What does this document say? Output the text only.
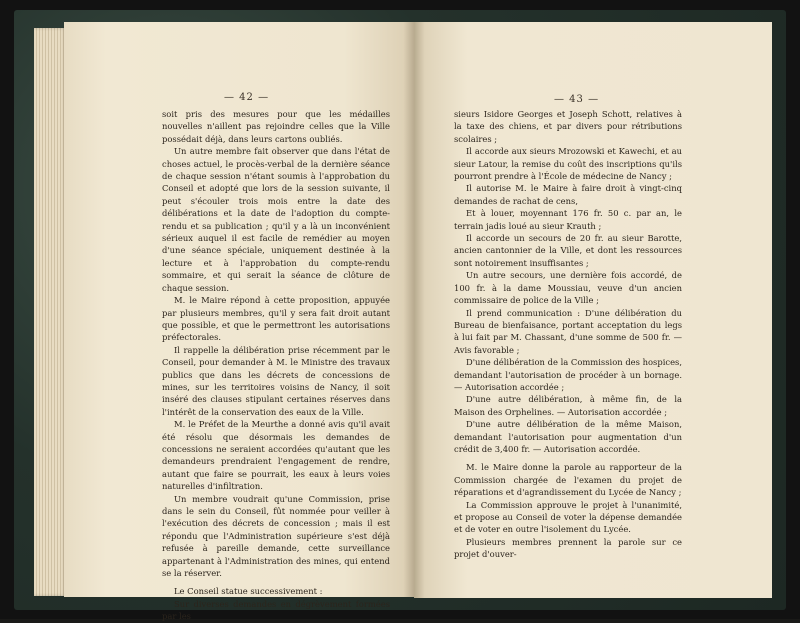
— 42 —

soit pris des mesures pour que les médailles nouvelles n'aillent pas rejoindre celles que la Ville possédait déjà, dans leurs cartons oubliés.

Un autre membre fait observer que dans l'état de choses actuel, le procès-verbal de la dernière séance de chaque session n'étant soumis à l'approbation du Conseil et adopté que lors de la session suivante, il peut s'écouler trois mois entre la date des délibérations et la date de l'adoption du compte-rendu et sa publication ; qu'il y a là un inconvénient sérieux auquel il est facile de remédier au moyen d'une séance spéciale, uniquement destinée à la lecture et à l'approbation du compte-rendu sommaire, et qui serait la séance de clôture de chaque session.

M. le Maire répond à cette proposition, appuyée par plusieurs membres, qu'il y sera fait droit autant que possible, et que le permettront les autorisations préfectorales.

Il rappelle la délibération prise récemment par le Conseil, pour demander à M. le Ministre des travaux publics que dans les décrets de concessions de mines, sur les territoires voisins de Nancy, il soit inséré des clauses stipulant certaines réserves dans l'intérêt de la conservation des eaux de la Ville.

M. le Préfet de la Meurthe a donné avis qu'il avait été résolu que désormais les demandes de concessions ne seraient accordées qu'autant que les demandeurs prendraient l'engagement de rendre, autant que faire se pourrait, les eaux à leurs voies naturelles d'infiltration.

Un membre voudrait qu'une Commission, prise dans le sein du Conseil, fût nommée pour veiller à l'exécution des décrets de concession ; mais il est répondu que l'Administration supérieure s'est déjà refusée à pareille demande, cette surveillance appartenant à l'Administration des mines, qui entend se la réserver.

Le Conseil statue successivement :

Sur diverses demandes en dégrèvement formées par les

— 43 —

sieurs Isidore Georges et Joseph Schott, relatives à la taxe des chiens, et par divers pour rétributions scolaires ;

Il accorde aux sieurs Mrozowski et Kawechi, et au sieur Latour, la remise du coût des inscriptions qu'ils pourront prendre à l'École de médecine de Nancy ;

Il autorise M. le Maire à faire droit à vingt-cinq demandes de rachat de cens,

Et à louer, moyennant 176 fr. 50 c. par an, le terrain jadis loué au sieur Krauth ;

Il accorde un secours de 20 fr. au sieur Barotte, ancien cantonnier de la Ville, et dont les ressources sont notoirement insuffisantes ;

Un autre secours, une dernière fois accordé, de 100 fr. à la dame Moussiau, veuve d'un ancien commissaire de police de la Ville ;

Il prend communication : D'une délibération du Bureau de bienfaisance, portant acceptation du legs à lui fait par M. Chassant, d'une somme de 500 fr. — Avis favorable ;

D'une délibération de la Commission des hospices, demandant l'autorisation de procéder à un bornage. — Autorisation accordée ;

D'une autre délibération, à même fin, de la Maison des Orphelines. — Autorisation accordée ;

D'une autre délibération de la même Maison, demandant l'autorisation pour augmentation d'un crédit de 3,400 fr. — Autorisation accordée.

M. le Maire donne la parole au rapporteur de la Commission chargée de l'examen du projet de réparations et d'agrandissement du Lycée de Nancy ;

La Commission approuve le projet à l'unanimité, et propose au Conseil de voter la dépense demandée et de voter en outre l'isolement du Lycée.

Plusieurs membres prennent la parole sur ce projet d'ouver-
